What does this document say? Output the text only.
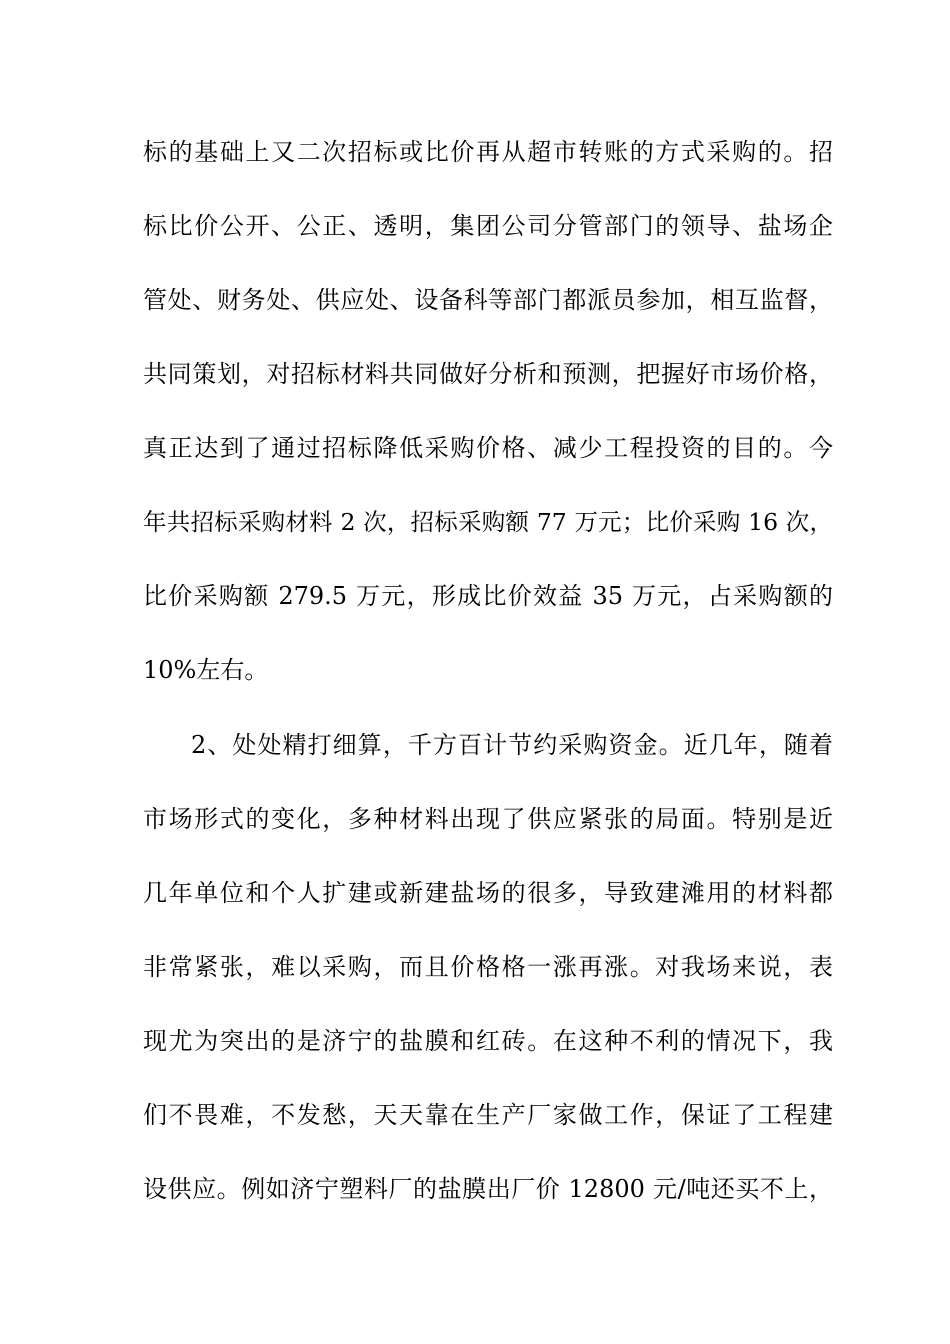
标的基础上又二次招标或比价再从超市转账的方式采购的。招
标比价公开、公正、透明，集团公司分管部门的领导、盐场企
管处、财务处、供应处、设备科等部门都派员参加，相互监督，
共同策划，对招标材料共同做好分析和预测，把握好市场价格，
真正达到了通过招标降低采购价格、减少工程投资的目的。今
年共招标采购材料 2 次，招标采购额 77 万元；比价采购 16 次，
比价采购额 279.5 万元，形成比价效益 35 万元，占采购额的
10%左右。
2、处处精打细算，千方百计节约采购资金。近几年，随着
市场形式的变化，多种材料出现了供应紧张的局面。特别是近
几年单位和个人扩建或新建盐场的很多，导致建滩用的材料都
非常紧张，难以采购，而且价格格一涨再涨。对我场来说，表
现尤为突出的是济宁的盐膜和红砖。在这种不利的情况下，我
们不畏难，不发愁，天天靠在生产厂家做工作，保证了工程建
设供应。例如济宁塑料厂的盐膜出厂价 12800 元/吨还买不上，
